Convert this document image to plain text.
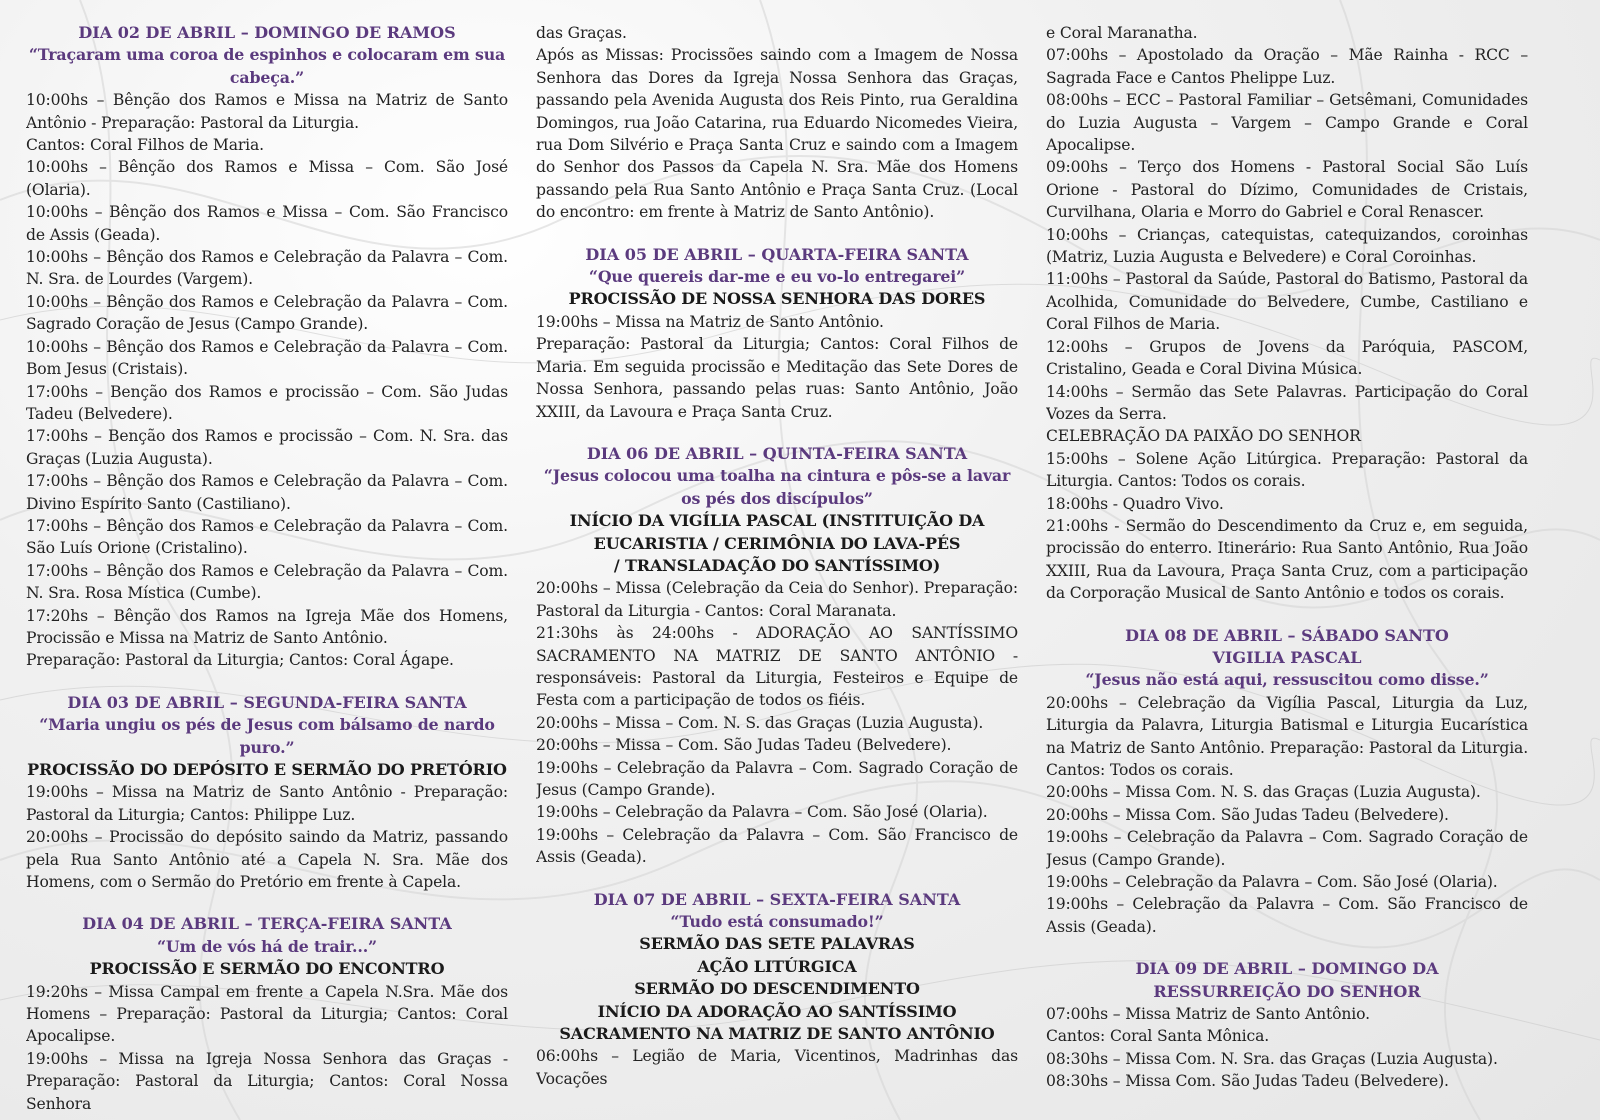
DIA 02 DE ABRIL – DOMINGO DE RAMOS
“Traçaram uma coroa de espinhos e colocaram em sua cabeça.”

10:00hs – Bênção dos Ramos e Missa na Matriz de Santo Antônio - Preparação: Pastoral da Liturgia.

Cantos: Coral Filhos de Maria.

10:00hs – Bênção dos Ramos e Missa – Com. São José (Olaria).

10:00hs – Bênção dos Ramos e Missa – Com. São Francisco de Assis (Geada).

10:00hs – Bênção dos Ramos e Celebração da Palavra – Com. N. Sra. de Lourdes (Vargem).

10:00hs – Bênção dos Ramos e Celebração da Palavra – Com. Sagrado Coração de Jesus (Campo Grande).

10:00hs – Bênção dos Ramos e Celebração da Palavra – Com. Bom Jesus (Cristais).

17:00hs – Benção dos Ramos e procissão – Com. São Judas Tadeu (Belvedere).

17:00hs – Benção dos Ramos e procissão – Com. N. Sra. das Graças (Luzia Augusta).

17:00hs – Bênção dos Ramos e Celebração da Palavra – Com. Divino Espírito Santo (Castiliano).

17:00hs – Bênção dos Ramos e Celebração da Palavra – Com. São Luís Orione (Cristalino).

17:00hs – Bênção dos Ramos e Celebração da Palavra – Com. N. Sra. Rosa Mística (Cumbe).

17:20hs – Bênção dos Ramos na Igreja Mãe dos Homens, Procissão e Missa na Matriz de Santo Antônio.

Preparação: Pastoral da Liturgia; Cantos: Coral Ágape.

DIA 03 DE ABRIL – SEGUNDA-FEIRA SANTA
“Maria ungiu os pés de Jesus com bálsamo de nardo puro.”
PROCISSÃO DO DEPÓSITO E SERMÃO DO PRETÓRIO

19:00hs – Missa na Matriz de Santo Antônio - Preparação: Pastoral da Liturgia; Cantos: Philippe Luz.

20:00hs – Procissão do depósito saindo da Matriz, passando pela Rua Santo Antônio até a Capela N. Sra. Mãe dos Homens, com o Sermão do Pretório em frente à Capela.

DIA 04 DE ABRIL – TERÇA-FEIRA SANTA
“Um de vós há de trair...”
PROCISSÃO E SERMÃO DO ENCONTRO

19:20hs – Missa Campal em frente a Capela N.Sra. Mãe dos Homens – Preparação: Pastoral da Liturgia; Cantos: Coral Apocalipse.

19:00hs – Missa na Igreja Nossa Senhora das Graças - Preparação: Pastoral da Liturgia; Cantos: Coral Nossa Senhora

das Graças.

Após as Missas: Procissões saindo com a Imagem de Nossa Senhora das Dores da Igreja Nossa Senhora das Graças, passando pela Avenida Augusta dos Reis Pinto, rua Geraldina Domingos, rua João Catarina, rua Eduardo Nicomedes Vieira, rua Dom Silvério e Praça Santa Cruz e saindo com a Imagem do Senhor dos Passos da Capela N. Sra. Mãe dos Homens passando pela Rua Santo Antônio e Praça Santa Cruz. (Local do encontro: em frente à Matriz de Santo Antônio).

DIA 05 DE ABRIL – QUARTA-FEIRA SANTA
“Que quereis dar-me e eu vo-lo entregarei”
PROCISSÃO DE NOSSA SENHORA DAS DORES

19:00hs – Missa na Matriz de Santo Antônio.

Preparação: Pastoral da Liturgia; Cantos: Coral Filhos de Maria. Em seguida procissão e Meditação das Sete Dores de Nossa Senhora, passando pelas ruas: Santo Antônio, João XXIII, da Lavoura e Praça Santa Cruz.

DIA 06 DE ABRIL – QUINTA-FEIRA SANTA
“Jesus colocou uma toalha na cintura e pôs-se a lavar os pés dos discípulos”
INÍCIO DA VIGÍLIA PASCAL (INSTITUIÇÃO DA
EUCARISTIA / CERIMÔNIA DO LAVA-PÉS
/ TRANSLADAÇÃO DO SANTÍSSIMO)

20:00hs – Missa (Celebração da Ceia do Senhor). Preparação: Pastoral da Liturgia - Cantos: Coral Maranata.

21:30hs às 24:00hs - ADORAÇÃO AO SANTÍSSIMO SACRAMENTO NA MATRIZ DE SANTO ANTÔNIO - responsáveis: Pastoral da Liturgia, Festeiros e Equipe de Festa com a participação de todos os fiéis.

20:00hs – Missa – Com. N. S. das Graças (Luzia Augusta).

20:00hs – Missa – Com. São Judas Tadeu (Belvedere).

19:00hs – Celebração da Palavra – Com. Sagrado Coração de Jesus (Campo Grande).

19:00hs – Celebração da Palavra – Com. São José (Olaria).

19:00hs – Celebração da Palavra – Com. São Francisco de Assis (Geada).

DIA 07 DE ABRIL – SEXTA-FEIRA SANTA
“Tudo está consumado!”
SERMÃO DAS SETE PALAVRAS
AÇÃO LITÚRGICA
SERMÃO DO DESCENDIMENTO
INÍCIO DA ADORAÇÃO AO SANTÍSSIMO
SACRAMENTO NA MATRIZ DE SANTO ANTÔNIO

06:00hs – Legião de Maria, Vicentinos, Madrinhas das Vocações

e Coral Maranatha.

07:00hs – Apostolado da Oração – Mãe Rainha - RCC – Sagrada Face e Cantos Phelippe Luz.

08:00hs – ECC – Pastoral Familiar – Getsêmani, Comunidades do Luzia Augusta – Vargem – Campo Grande e Coral Apocalipse.

09:00hs – Terço dos Homens - Pastoral Social São Luís Orione - Pastoral do Dízimo, Comunidades de Cristais, Curvilhana, Olaria e Morro do Gabriel e Coral Renascer.

10:00hs – Crianças, catequistas, catequizandos, coroinhas (Matriz, Luzia Augusta e Belvedere) e Coral Coroinhas.

11:00hs – Pastoral da Saúde, Pastoral do Batismo, Pastoral da Acolhida, Comunidade do Belvedere, Cumbe, Castiliano e Coral Filhos de Maria.

12:00hs – Grupos de Jovens da Paróquia, PASCOM, Cristalino, Geada e Coral Divina Música.

14:00hs – Sermão das Sete Palavras. Participação do Coral Vozes da Serra.

CELEBRAÇÃO DA PAIXÃO DO SENHOR

15:00hs – Solene Ação Litúrgica. Preparação: Pastoral da Liturgia. Cantos: Todos os corais.

18:00hs - Quadro Vivo.

21:00hs - Sermão do Descendimento da Cruz e, em seguida, procissão do enterro. Itinerário: Rua Santo Antônio, Rua João XXIII, Rua da Lavoura, Praça Santa Cruz, com a participação da Corporação Musical de Santo Antônio e todos os corais.

DIA 08 DE ABRIL – SÁBADO SANTO
VIGILIA PASCAL
“Jesus não está aqui, ressuscitou como disse.”

20:00hs – Celebração da Vigília Pascal, Liturgia da Luz, Liturgia da Palavra, Liturgia Batismal e Liturgia Eucarística na Matriz de Santo Antônio. Preparação: Pastoral da Liturgia. Cantos: Todos os corais.

20:00hs – Missa Com. N. S. das Graças (Luzia Augusta).

20:00hs – Missa Com. São Judas Tadeu (Belvedere).

19:00hs – Celebração da Palavra – Com. Sagrado Coração de Jesus (Campo Grande).

19:00hs – Celebração da Palavra – Com. São José (Olaria).

19:00hs – Celebração da Palavra – Com. São Francisco de Assis (Geada).

DIA 09 DE ABRIL – DOMINGO DA
RESSURREIÇÃO DO SENHOR

07:00hs – Missa Matriz de Santo Antônio.

Cantos: Coral Santa Mônica.

08:30hs – Missa Com. N. Sra. das Graças (Luzia Augusta).

08:30hs – Missa Com. São Judas Tadeu (Belvedere).
